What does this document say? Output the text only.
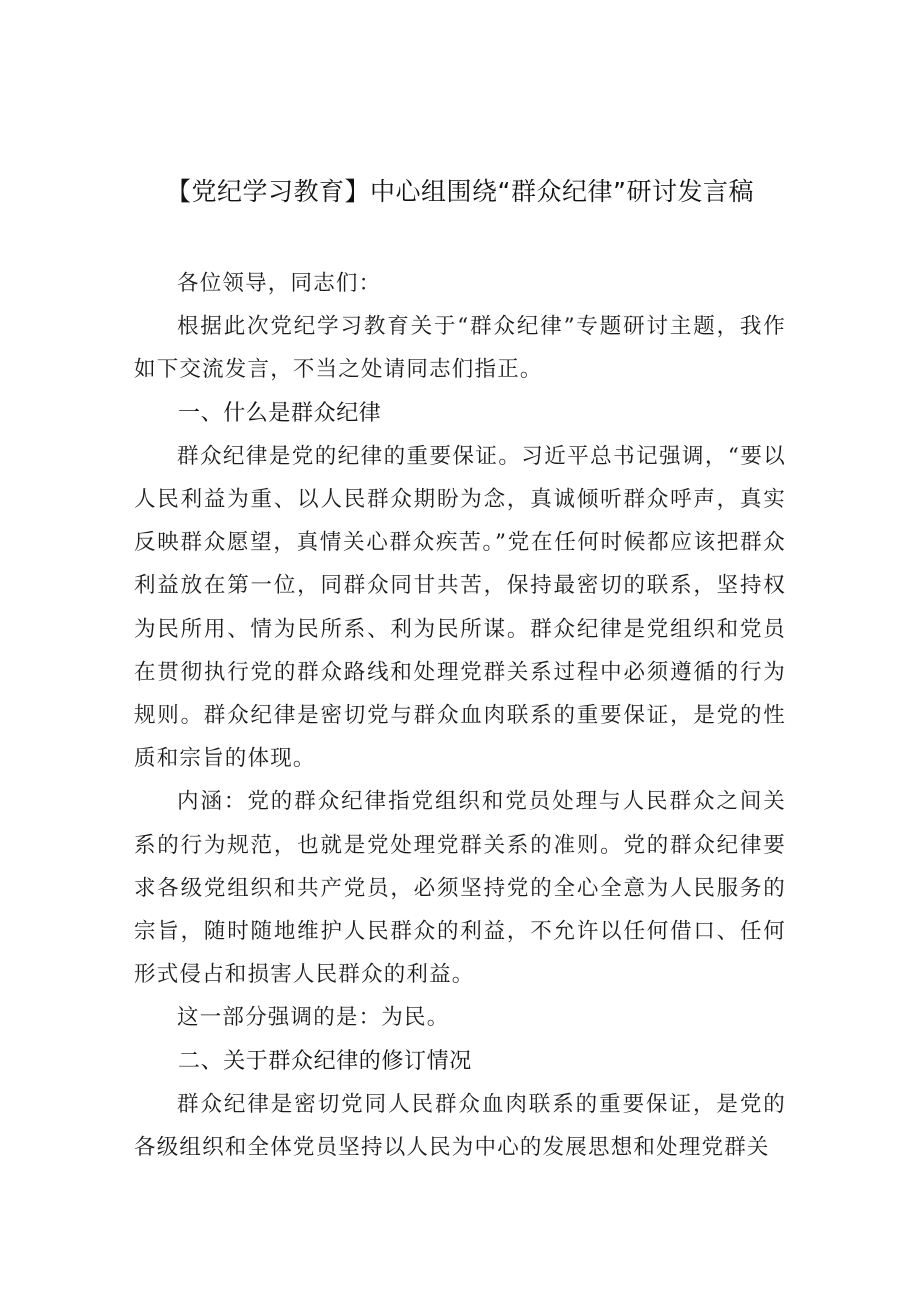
【党纪学习教育】中心组围绕“群众纪律”研讨发言稿

各位领导，同志们：

根据此次党纪学习教育关于“群众纪律”专题研讨主题，我作如下交流发言，不当之处请同志们指正。

一、什么是群众纪律

群众纪律是党的纪律的重要保证。习近平总书记强调，“要以人民利益为重、以人民群众期盼为念，真诚倾听群众呼声，真实反映群众愿望，真情关心群众疾苦。”党在任何时候都应该把群众利益放在第一位，同群众同甘共苦，保持最密切的联系，坚持权为民所用、情为民所系、利为民所谋。群众纪律是党组织和党员在贯彻执行党的群众路线和处理党群关系过程中必须遵循的行为规则。群众纪律是密切党与群众血肉联系的重要保证，是党的性质和宗旨的体现。

内涵：党的群众纪律指党组织和党员处理与人民群众之间关系的行为规范，也就是党处理党群关系的准则。党的群众纪律要求各级党组织和共产党员，必须坚持党的全心全意为人民服务的宗旨，随时随地维护人民群众的利益，不允许以任何借口、任何形式侵占和损害人民群众的利益。

这一部分强调的是：为民。

二、关于群众纪律的修订情况

群众纪律是密切党同人民群众血肉联系的重要保证，是党的各级组织和全体党员坚持以人民为中心的发展思想和处理党群关
